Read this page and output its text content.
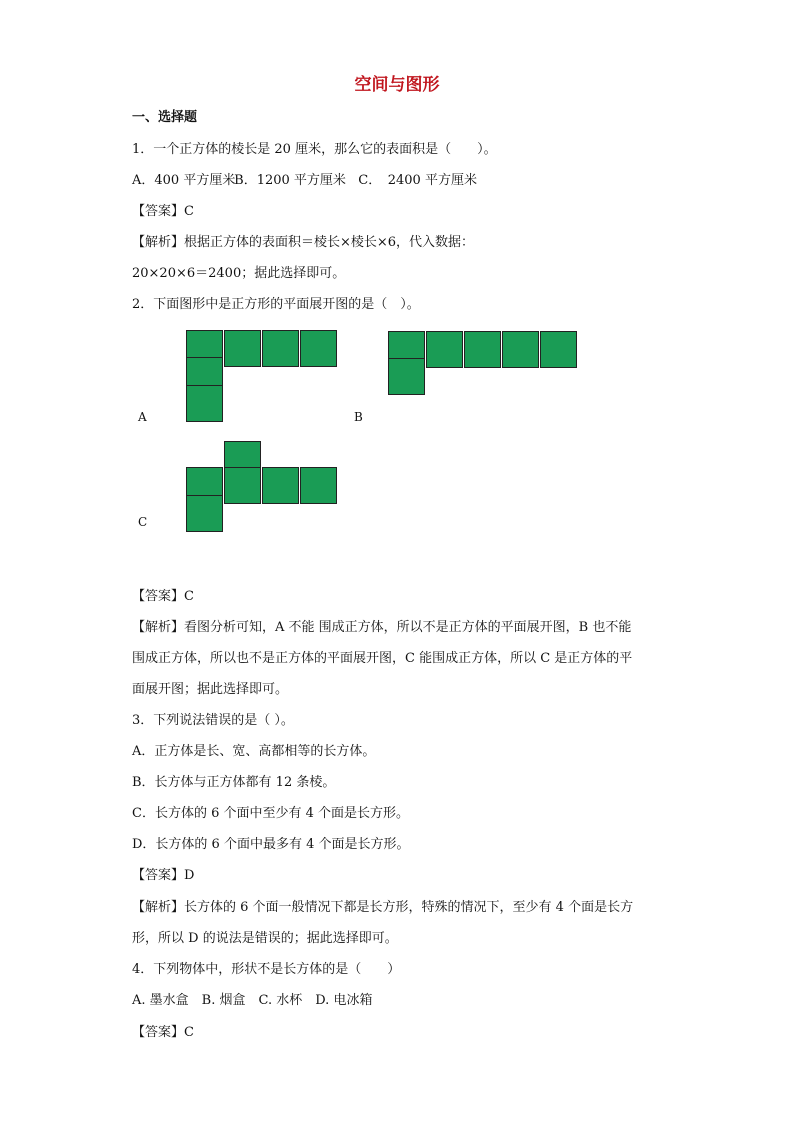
空间与图形
一、选择题
1．一个正方体的棱长是 20 厘米，那么它的表面积是（　　）。
A．400 平方厘米 B．1200 平方厘米 C．　2400 平方厘米
【答案】C
【解析】根据正方体的表面积＝棱长×棱长×6，代入数据：
20×20×6＝2400；据此选择即可。
2．下面图形中是正方形的平面展开图的是（　）。
A	B
C
【答案】C
【解析】看图分析可知，A 不能 围成正方体，所以不是正方体的平面展开图，B 也不能
围成正方体，所以也不是正方体的平面展开图，C 能围成正方体，所以 C 是正方体的平
面展开图；据此选择即可。
3．下列说法错误的是（ ）。
A．正方体是长、宽、高都相等的长方体。
B．长方体与正方体都有 12 条棱。
C．长方体的 6 个面中至少有 4 个面是长方形。
D．长方体的 6 个面中最多有 4 个面是长方形。
【答案】D
【解析】长方体的 6 个面一般情况下都是长方形，特殊的情况下，至少有 4 个面是长方
形，所以 D 的说法是错误的；据此选择即可。
4．下列物体中，形状不是长方体的是（　　）
A. 墨水盒　B. 烟盒　C. 水杯　D. 电冰箱
【答案】C
